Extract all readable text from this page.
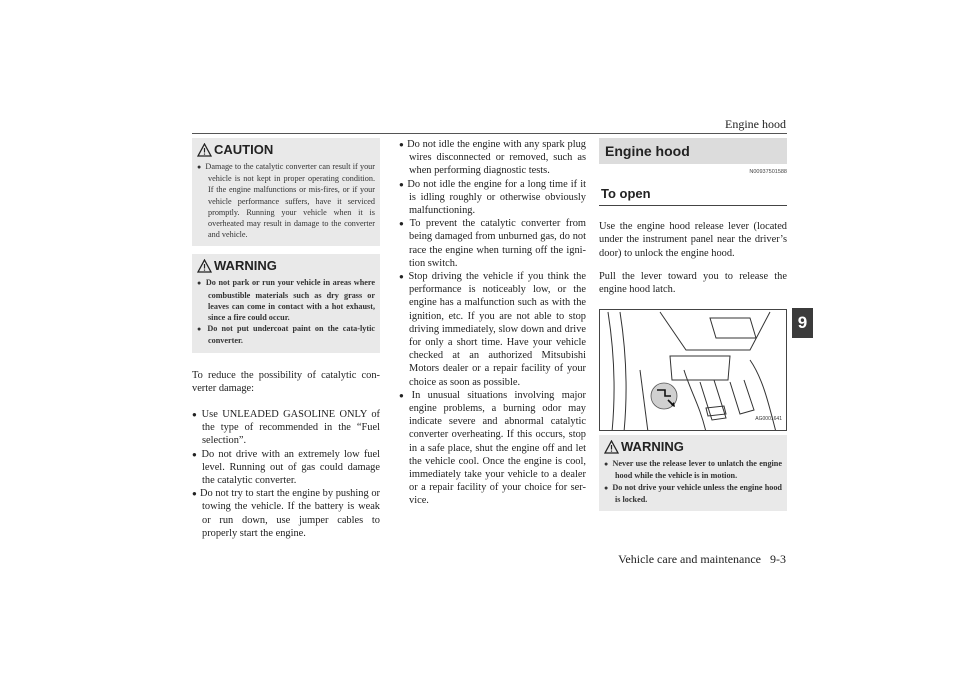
Engine hood
9
Vehicle care and maintenance   9-3
CAUTION
● Damage to the catalytic converter can result if your vehicle is not kept in proper operating condition. If the engine malfunctions or mis-fires, or if your vehicle performance suffers, have it serviced promptly. Running your vehicle when it is overheated may result in damage to the converter and vehicle.
WARNING
● Do not park or run your vehicle in areas where combustible materials such as dry grass or leaves can come in contact with a hot exhaust, since a fire could occur.
● Do not put undercoat paint on the cata-lytic converter.

To reduce the possibility of catalytic con-verter damage:

● Use UNLEADED GASOLINE ONLY of the type of recommended in the “Fuel selection”.
● Do not drive with an extremely low fuel level. Running out of gas could damage the catalytic converter.
● Do not try to start the engine by pushing or towing the vehicle. If the battery is weak or run down, use jumper cables to properly start the engine.
● Do not idle the engine with any spark plug wires disconnected or removed, such as when performing diagnostic tests.
● Do not idle the engine for a long time if it is idling roughly or otherwise obviously malfunctioning.
● To prevent the catalytic converter from being damaged from unburned gas, do not race the engine when turning off the igni-tion switch.
● Stop driving the vehicle if you think the performance is noticeably low, or the engine has a malfunction such as with the ignition, etc. If you are not able to stop driving immediately, slow down and drive for only a short time. Have your vehicle checked at an authorized Mitsubishi Motors dealer or a repair facility of your choice as soon as possible.
● In unusual situations involving major engine problems, a burning odor may indicate severe and abnormal catalytic converter overheating. If this occurs, stop in a safe place, shut the engine off and let the vehicle cool. Once the engine is cool, immediately take your vehicle to a dealer or a repair facility of your choice for ser-vice.
Engine hood
N00937501588
To open

Use the engine hood release lever (located under the instrument panel near the driver’s door) to unlock the engine hood.

Pull the lever toward you to release the engine hood latch.

AG0001641
WARNING
● Never use the release lever to unlatch the engine hood while the vehicle is in motion.
● Do not drive your vehicle unless the engine hood is locked.
